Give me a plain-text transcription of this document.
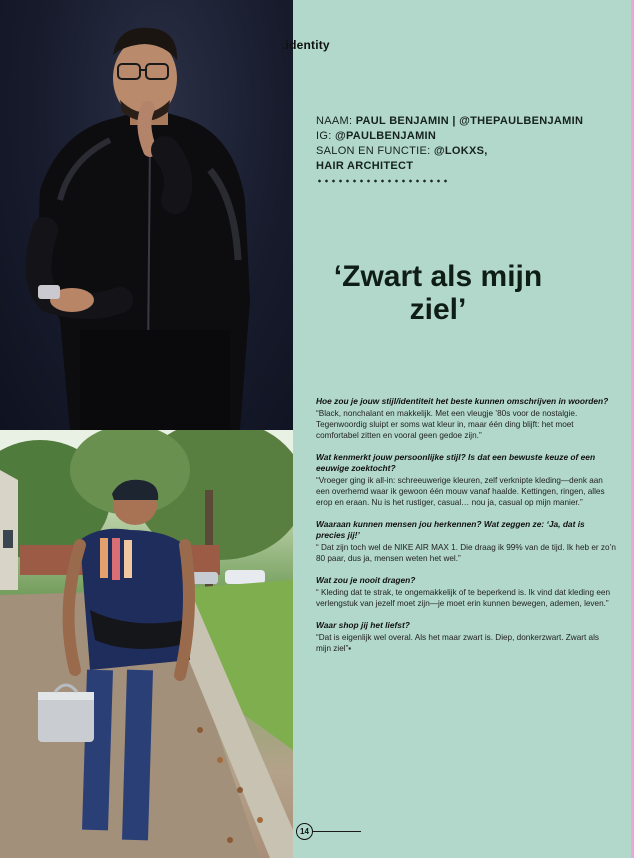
.identity
NAAM: PAUL BENJAMIN | @THEPAULBENJAMIN
IG: @PAULBENJAMIN
SALON EN FUNCTIE: @LOKXS,
HAIR ARCHITECT
‘Zwart als mijn ziel’
Hoe zou je jouw stijl/identiteit het beste kunnen omschrijven in woorden?
“Black, nonchalant en makkelijk. Met een vleugje ’80s voor de nostalgie. Tegenwoordig sluipt er soms wat kleur in, maar één ding blijft: het moet comfortabel zitten en vooral geen gedoe zijn.”
Wat kenmerkt jouw persoonlijke stijl? Is dat een bewuste keuze of een eeuwige zoektocht?
“Vroeger ging ik all-in: schreeuwerige kleuren, zelf verknipte kleding—denk aan een overhemd waar ik gewoon één mouw vanaf haalde. Kettingen, ringen, alles erop en eraan. Nu is het rustiger, casual… nou ja, casual op mijn manier.”
Waaraan kunnen mensen jou herkennen? Wat zeggen ze: ‘Ja, dat is precies jij!’
“ Dat zijn toch wel de NIKE AIR MAX 1. Die draag ik 99% van de tijd. Ik heb er zo’n 80 paar, dus ja, mensen weten het wel.”
Wat zou je nooit dragen?
“ Kleding dat te strak, te ongemakkelijk of te beperkend is. Ik vind dat kleding een verlengstuk van jezelf moet zijn—je moet erin kunnen bewegen, ademen, leven.”
Waar shop jij het liefst?
“Dat is eigenlijk wel overal. Als het maar zwart is. Diep, donkerzwart. Zwart als mijn ziel”▪
14
